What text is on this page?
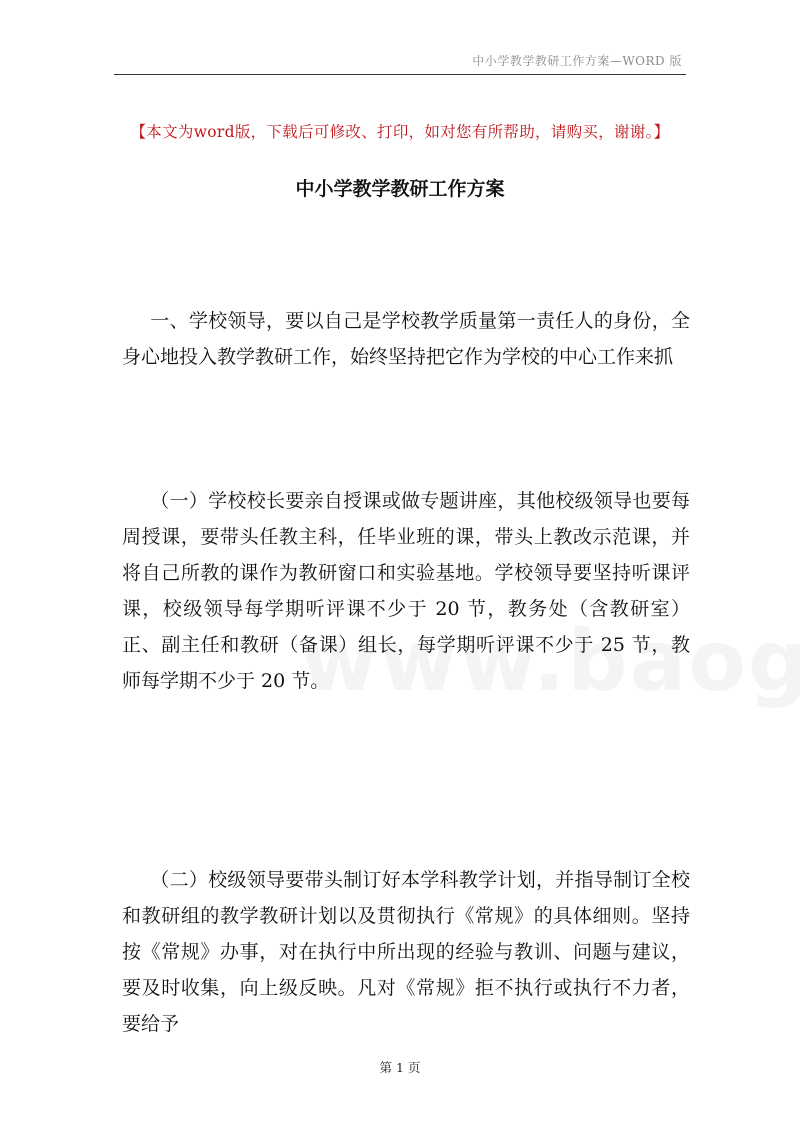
中小学教学教研工作方案—WORD 版
【本文为word版，下载后可修改、打印，如对您有所帮助，请购买，谢谢。】
中小学教学教研工作方案

一、学校领导，要以自己是学校教学质量第一责任人的身份，全身心地投入教学教研工作，始终坚持把它作为学校的中心工作来抓

（一）学校校长要亲自授课或做专题讲座，其他校级领导也要每周授课，要带头任教主科，任毕业班的课，带头上教改示范课，并将自己所教的课作为教研窗口和实验基地。学校领导要坚持听课评课，校级领导每学期听评课不少于 20 节，教务处（含教研室）正、副主任和教研（备课）组长，每学期听评课不少于 25 节，教师每学期不少于 20 节。

（二）校级领导要带头制订好本学科教学计划，并指导制订全校和教研组的教学教研计划以及贯彻执行《常规》的具体细则。坚持按《常规》办事，对在执行中所出现的经验与教训、问题与建议，要及时收集，向上级反映。凡对《常规》拒不执行或执行不力者，要给予

第 1 页
